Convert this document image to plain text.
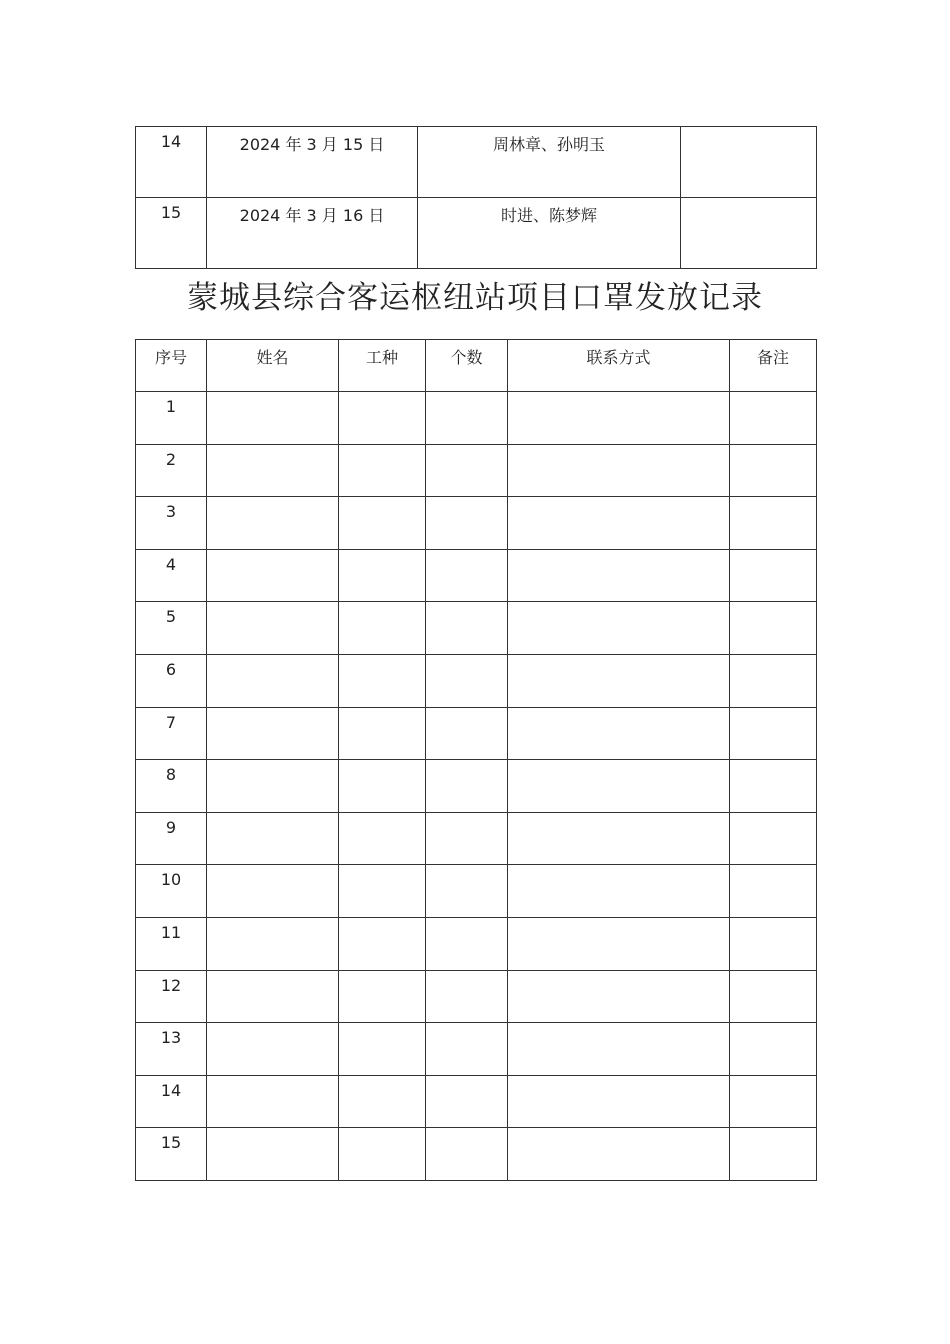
14	2024 年 3 月 15 日	周林章、孙明玉	
15	2024 年 3 月 16 日	时进、陈梦辉	
蒙城县综合客运枢纽站项目口罩发放记录
序号	姓名	工种	个数	联系方式	备注
1					
2					
3					
4					
5					
6					
7					
8					
9					
10					
11					
12					
13					
14					
15					
